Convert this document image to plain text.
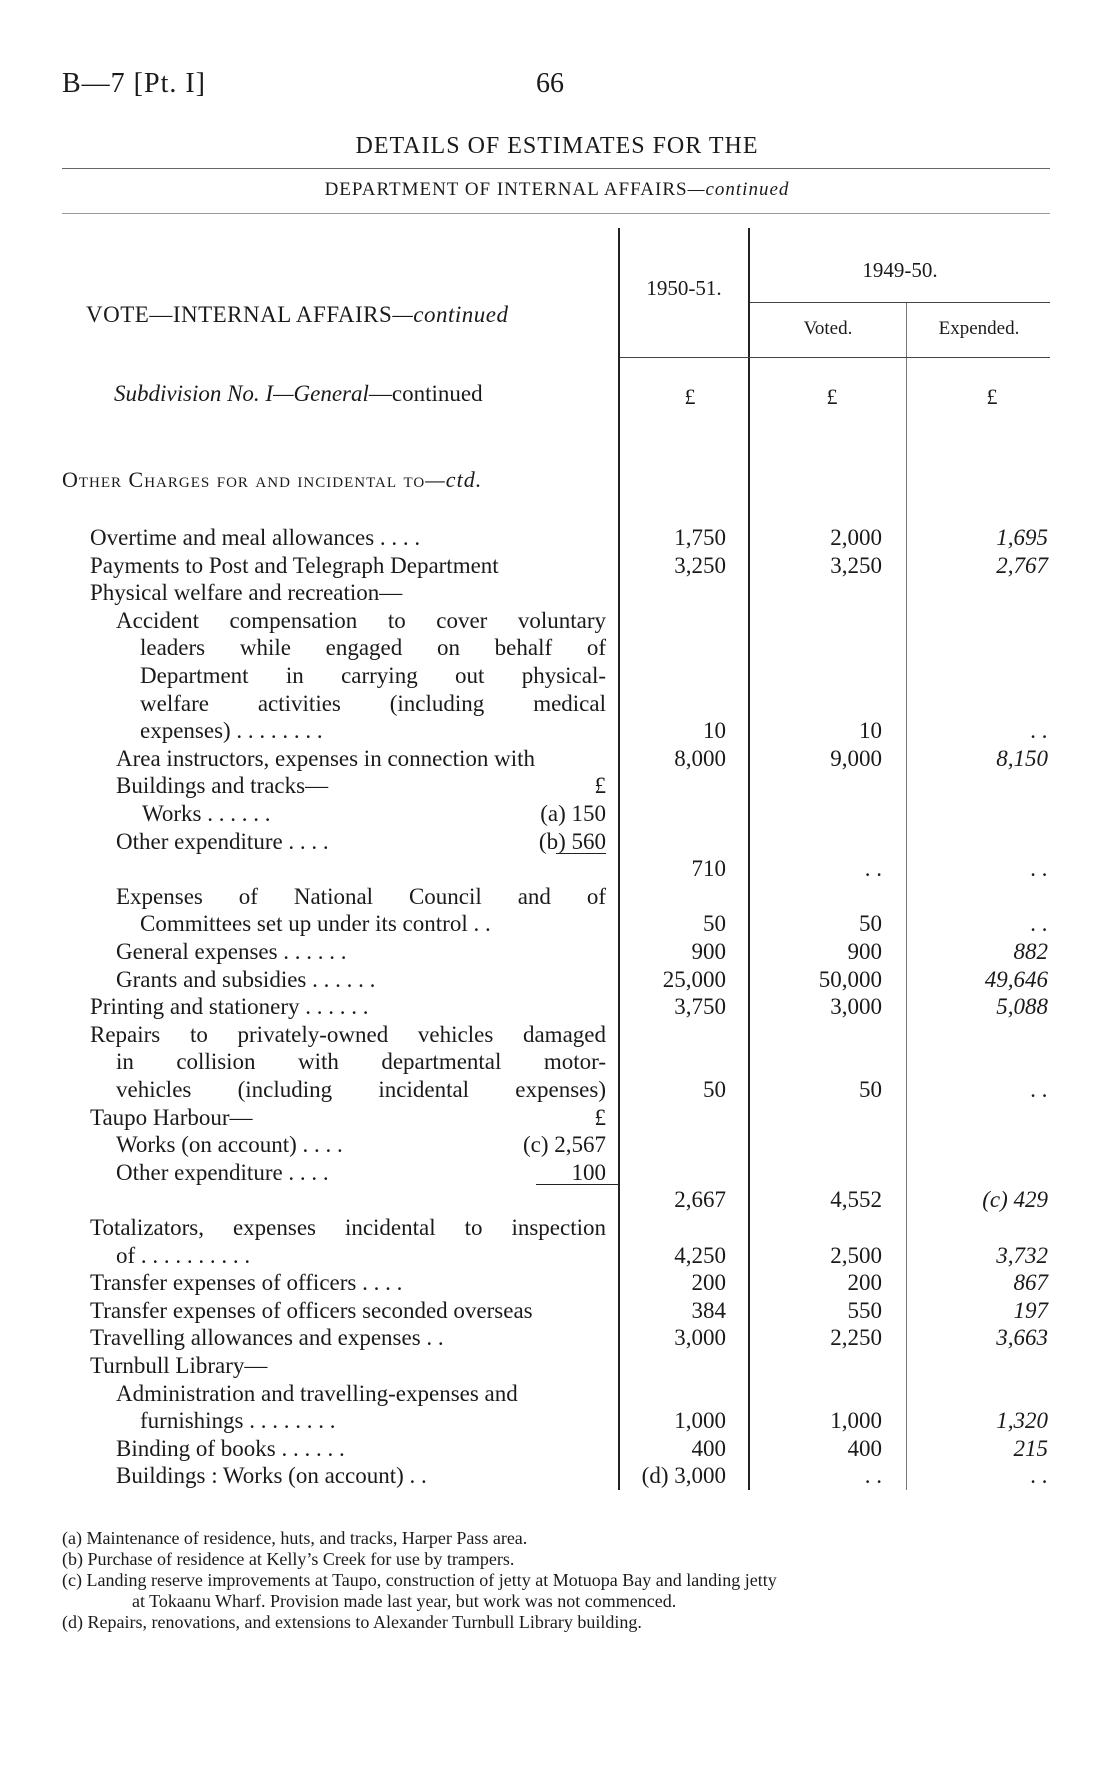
B—7 [Pt. I]	66
DETAILS OF ESTIMATES FOR THE
DEPARTMENT OF INTERNAL AFFAIRS—continued
1950-51.
1949-50.
Voted.	Expended.
VOTE—INTERNAL AFFAIRS—continued
Subdivision No. I—General—continued	£	£	£
Other Charges for and incidental to—ctd.
Overtime and meal allowances . . . .	1,750	2,000	1,695
Payments to Post and Telegraph Department	3,250	3,250	2,767
Physical welfare and recreation—
Accident compensation to cover voluntary
leaders while engaged on behalf of
Department in carrying out physical-
welfare activities (including medical
expenses) . . . . . . . .	10	10	. .
Area instructors, expenses in connection with	8,000	9,000	8,150
Buildings and tracks—	£
Works . . . . . .	(a) 150
Other expenditure . . . .	(b) 560
710	. .	. .
Expenses of National Council and of
Committees set up under its control . .	50	50	. .
General expenses . . . . . .	900	900	882
Grants and subsidies . . . . . .	25,000	50,000	49,646
Printing and stationery . . . . . .	3,750	3,000	5,088
Repairs to privately-owned vehicles damaged
in collision with departmental motor-
vehicles (including incidental expenses)	50	50	. .
Taupo Harbour—	£
Works (on account) . . . .	(c) 2,567
Other expenditure . . . .	100
2,667	4,552	(c) 429
Totalizators, expenses incidental to inspection
of . . . . . . . . . .	4,250	2,500	3,732
Transfer expenses of officers . . . .	200	200	867
Transfer expenses of officers seconded overseas	384	550	197
Travelling allowances and expenses . .	3,000	2,250	3,663
Turnbull Library—
Administration and travelling-expenses and
furnishings . . . . . . . .	1,000	1,000	1,320
Binding of books . . . . . .	400	400	215
Buildings : Works (on account) . .	(d) 3,000	. .	. .
(a) Maintenance of residence, huts, and tracks, Harper Pass area.
(b) Purchase of residence at Kelly’s Creek for use by trampers.
(c) Landing reserve improvements at Taupo, construction of jetty at Motuopa Bay and landing jetty
at Tokaanu Wharf. Provision made last year, but work was not commenced.
(d) Repairs, renovations, and extensions to Alexander Turnbull Library building.
